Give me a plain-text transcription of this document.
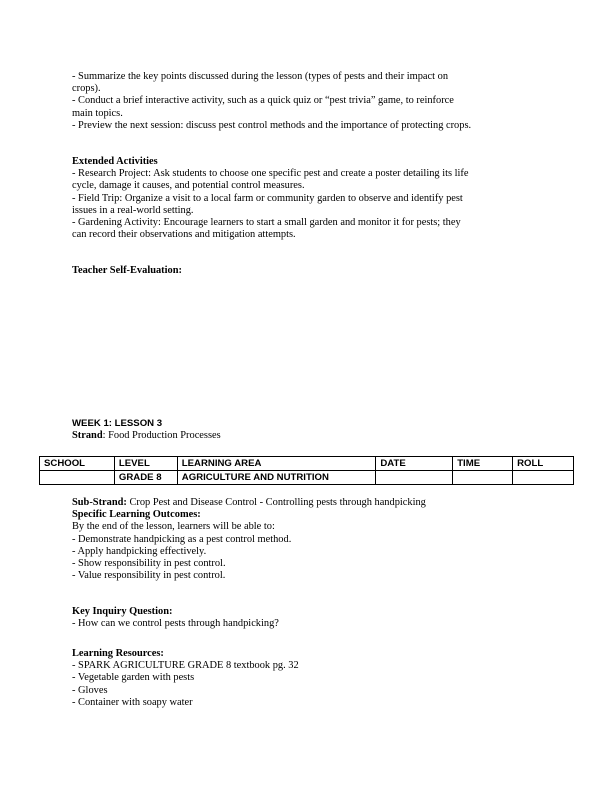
- Summarize the key points discussed during the lesson (types of pests and their impact on
crops).
- Conduct a brief interactive activity, such as a quick quiz or “pest trivia” game, to reinforce
main topics.
- Preview the next session: discuss pest control methods and the importance of protecting crops.
Extended Activities
- Research Project: Ask students to choose one specific pest and create a poster detailing its life
cycle, damage it causes, and potential control measures.
- Field Trip: Organize a visit to a local farm or community garden to observe and identify pest
issues in a real-world setting.
- Gardening Activity: Encourage learners to start a small garden and monitor it for pests; they
can record their observations and mitigation attempts.
Teacher Self-Evaluation:
WEEK 1: LESSON 3
Strand: Food Production Processes
SCHOOL	LEVEL	LEARNING AREA	DATE	TIME	ROLL
	GRADE 8	AGRICULTURE AND NUTRITION			
Sub-Strand: Crop Pest and Disease Control - Controlling pests through handpicking
Specific Learning Outcomes:
By the end of the lesson, learners will be able to:
- Demonstrate handpicking as a pest control method.
- Apply handpicking effectively.
- Show responsibility in pest control.
- Value responsibility in pest control.
Key Inquiry Question:
- How can we control pests through handpicking?
Learning Resources:
- SPARK AGRICULTURE GRADE 8 textbook pg. 32
- Vegetable garden with pests
- Gloves
- Container with soapy water
